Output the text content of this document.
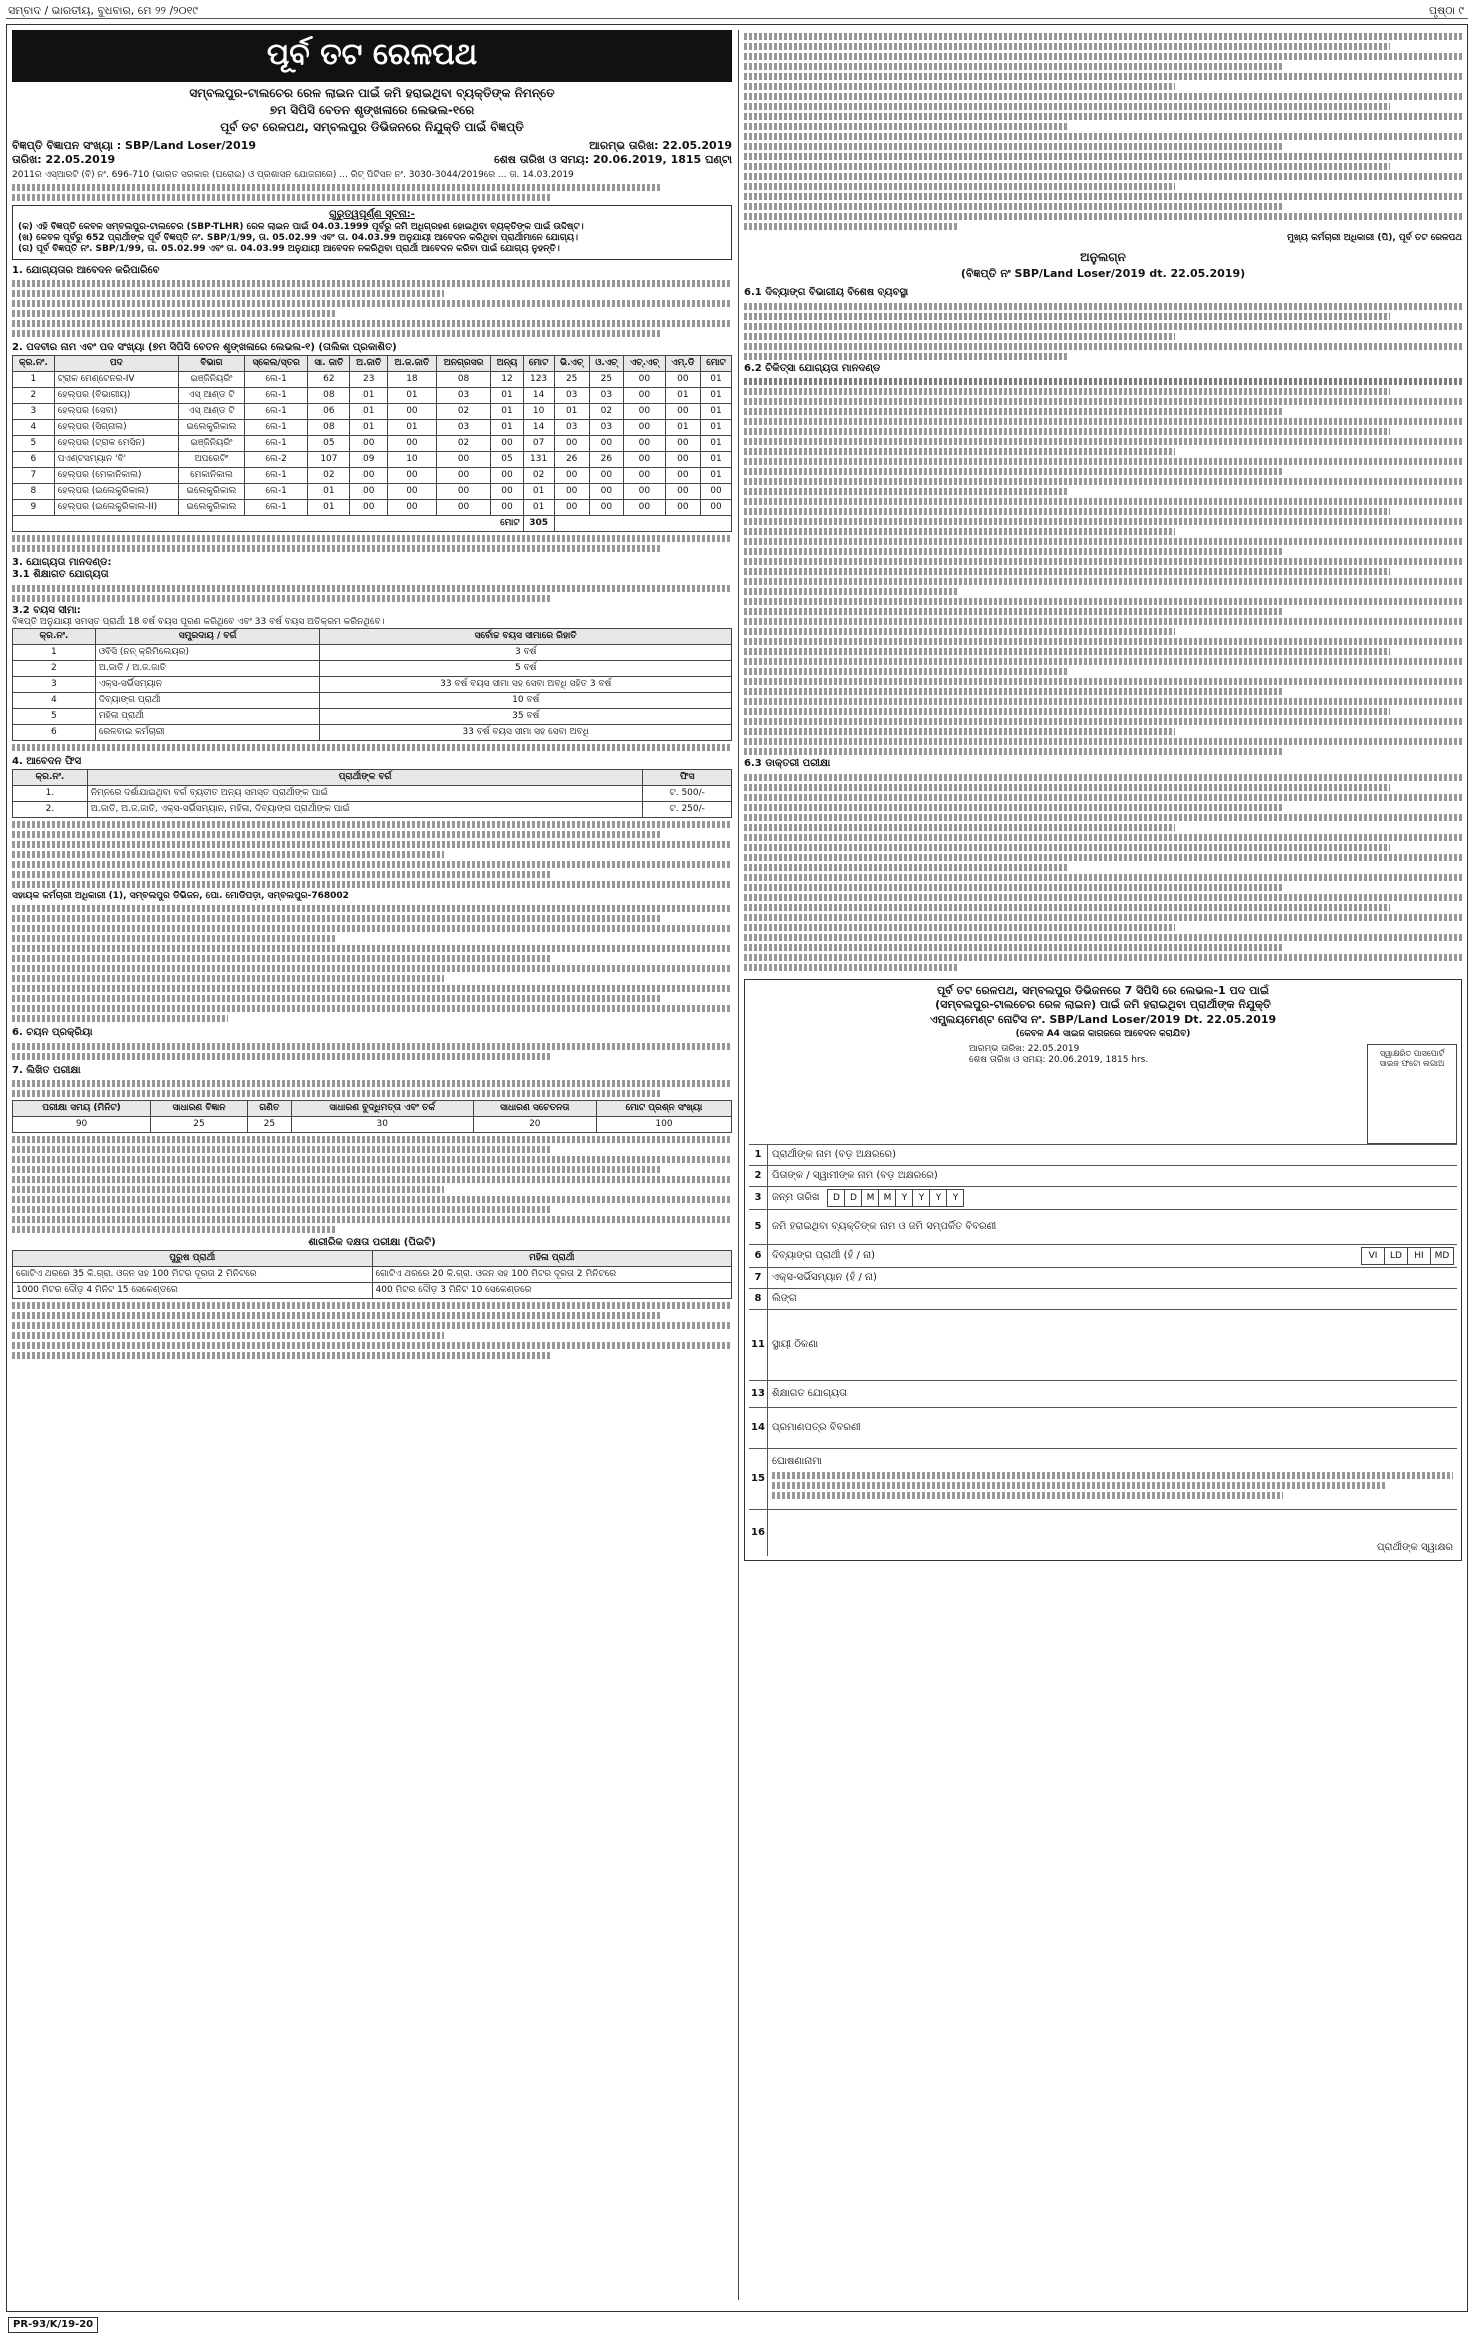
ସମ୍ବାଦ / ଭାରତୀୟ, ବୁଧବାର, ମେ ୨୨ /୨୦୧୯	ପୃଷ୍ଠା ୯
ପୂର୍ବ ତଟ ରେଳପଥ
ସମ୍ବଲପୁର-ଟାଲଚେର ରେଳ ଲାଇନ ପାଇଁ ଜମି ହରାଇଥିବା ବ୍ୟକ୍ତିଙ୍କ ନିମନ୍ତେ
୭ମ ସିପିସି ବେତନ ଶୃଙ୍ଖଳାରେ ଲେଭଲ-୧ରେ
ପୂର୍ବ ତଟ ରେଳପଥ, ସମ୍ବଲପୁର ଡିଭିଜନରେ ନିଯୁକ୍ତି ପାଇଁ ବିଜ୍ଞପ୍ତି
ବିଜ୍ଞପ୍ତି ବିଜ୍ଞାପନ ସଂଖ୍ୟା : SBP/Land Loser/2019
ତାରିଖ: 22.05.2019
ଆରମ୍ଭ ତାରିଖ: 22.05.2019
ଶେଷ ତାରିଖ ଓ ସମୟ: 20.06.2019, 1815 ଘଣ୍ଟା
2011ର ଏସ୍‌ଆରଟି (ବି) ନଂ. 696-710 (ଭାରତ ସରକାର (ଘରୋଇ) ଓ ପ୍ରଶାସନ ଯୋଜନାରେ) ... ରିଟ୍ ପିଟିସନ ନଂ. 3030-3044/2019ରେ ... ତା. 14.03.2019
ଗୁରୁତ୍ୱପୂର୍ଣ୍ଣ ସୂଚନା:-
(କ) ଏହି ବିଜ୍ଞପ୍ତି କେବଳ ସମ୍ବଲପୁର-ଟାଲଚେର (SBP-TLHR) ରେଳ ଲାଇନ ପାଇଁ 04.03.1999 ପୂର୍ବରୁ ଜମି ଅଧିଗ୍ରହଣ ହୋଇଥିବା ବ୍ୟକ୍ତିଙ୍କ ପାଇଁ ଉଦ୍ଦିଷ୍ଟ।
(ଖ) କେବଳ ପୂର୍ବରୁ 652 ପ୍ରାର୍ଥୀଙ୍କ ପୂର୍ବ ବିଜ୍ଞପ୍ତି ନଂ. SBP/1/99, ତା. 05.02.99 ଏବଂ ତା. 04.03.99 ଅନୁଯାୟୀ ଆବେଦନ କରିଥିବା ପ୍ରାର୍ଥୀମାନେ ଯୋଗ୍ୟ।
(ଗ) ପୂର୍ବ ବିଜ୍ଞପ୍ତି ନଂ. SBP/1/99, ତା. 05.02.99 ଏବଂ ତା. 04.03.99 ଅନୁଯାୟୀ ଆବେଦନ ନକରିଥିବା ପ୍ରାର୍ଥୀ ଆବେଦନ କରିବା ପାଇଁ ଯୋଗ୍ୟ ନୁହନ୍ତି।
1. ଯୋଗ୍ୟତାର ଆବେଦନ କରିପାରିବେ
2. ପଦବୀର ନାମ ଏବଂ ପଦ ସଂଖ୍ୟା (୭ମ ସିପିସି ବେତନ ଶୃଙ୍ଖଳାରେ ଲେଭଲ-୧) (ତାଲିକା ପ୍ରକାଶିତ)
କ୍ର.ନଂ.	ପଦ	ବିଭାଗ	ସ୍କେଲ/ସ୍ତର	ସା. ଜାତି	ଅ.ଜାତି	ଅ.ଜ.ଜାତି	ଅନଗ୍ରସର	ଅନ୍ୟ	ମୋଟ	ଭି.ଏଚ୍	ଓ.ଏଚ୍	ଏଚ୍.ଏଚ୍	ଏମ୍.ଡି	ମୋଟ
1	ଟ୍ରାକ ମେଣ୍ଟେନର-IV	ଇଞ୍ଜିନିୟରିଂ	ଲେ-1	62	23	18	08	12	123	25	25	00	00	01
2	ହେଲ୍ପର (ବିଭାଗୀୟ)	ଏସ୍ ଆଣ୍ଡ ଟି	ଲେ-1	08	01	01	03	01	14	03	03	00	01	01
3	ହେଲ୍ପର (ସେବା)	ଏସ୍ ଆଣ୍ଡ ଟି	ଲେ-1	06	01	00	02	01	10	01	02	00	00	01
4	ହେଲ୍ପର (ସିଗ୍ନାଲ)	ଇଲେକ୍ଟ୍ରିକାଲ	ଲେ-1	08	01	01	03	01	14	03	03	00	01	01
5	ହେଲ୍ପର (ଟ୍ରାକ ମେସିନ)	ଇଞ୍ଜିନିୟରିଂ	ଲେ-1	05	00	00	02	00	07	00	00	00	00	01
6	ପଏଣ୍ଟସମ୍ୟାନ 'ବି'	ଅପରେଟିଂ	ଲେ-2	107	09	10	00	05	131	26	26	00	00	01
7	ହେଲ୍ପର (ମେକାନିକାଲ)	ମେକାନିକାଲ	ଲେ-1	02	00	00	00	00	02	00	00	00	00	01
8	ହେଲ୍ପର (ଇଲେକ୍ଟ୍ରିକାଲ)	ଇଲେକ୍ଟ୍ରିକାଲ	ଲେ-1	01	00	00	00	00	01	00	00	00	00	00
9	ହେଲ୍ପର (ଇଲେକ୍ଟ୍ରିକାଲ-II)	ଇଲେକ୍ଟ୍ରିକାଲ	ଲେ-1	01	00	00	00	00	01	00	00	00	00	00
ମୋଟ									305					
3. ଯୋଗ୍ୟତା ମାନଦଣ୍ଡ:
3.1 ଶିକ୍ଷାଗତ ଯୋଗ୍ୟତା
3.2 ବୟସ ସୀମା:
ବିଜ୍ଞପ୍ତି ଅନୁଯାୟୀ ସମସ୍ତ ପ୍ରାର୍ଥୀ 18 ବର୍ଷ ବୟସ ପୂରଣ କରିଥିବେ ଏବଂ 33 ବର୍ଷ ବୟସ ଅତିକ୍ରମ କରିନଥିବେ।
କ୍ର.ନଂ.	ସମ୍ପ୍ରଦାୟ / ବର୍ଗ	ସର୍ବୋଚ୍ଚ ବୟସ ସୀମାରେ ରିହାତି
1	ଓବିସି (ନନ୍ କ୍ରିମିଲେୟର)	3 ବର୍ଷ
2	ଅ.ଜାତି / ଅ.ଜ.ଜାତି	5 ବର୍ଷ
3	ଏକ୍ସ-ସର୍ଭିସମ୍ୟାନ	33 ବର୍ଷ ବୟସ ସୀମା ସହ ସେବା ଅବଧି ସହିତ 3 ବର୍ଷ
4	ଦିବ୍ୟାଙ୍ଗ ପ୍ରାର୍ଥୀ	10 ବର୍ଷ
5	ମହିଳା ପ୍ରାର୍ଥୀ	35 ବର୍ଷ
6	ରେଳବାଇ କର୍ମଚାରୀ	33 ବର୍ଷ ବୟସ ସୀମା ସହ ସେବା ଅବଧି
4. ଆବେଦନ ଫିସ
କ୍ର.ନଂ.	ପ୍ରାର୍ଥୀଙ୍କ ବର୍ଗ	ଫିସ
1.	ନିମ୍ନରେ ଦର୍ଶାଯାଇଥିବା ବର୍ଗ ବ୍ୟତୀତ ଅନ୍ୟ ସମସ୍ତ ପ୍ରାର୍ଥୀଙ୍କ ପାଇଁ	ଟ. 500/-
2.	ଅ.ଜାତି, ଅ.ଜ.ଜାତି, ଏକ୍ସ-ସର୍ଭିସମ୍ୟାନ, ମହିଳା, ଦିବ୍ୟାଙ୍ଗ ପ୍ରାର୍ଥୀଙ୍କ ପାଇଁ	ଟ. 250/-
ସହାୟକ କର୍ମଚାରୀ ଅଧିକାରୀ (1), ସମ୍ବଲପୁର ଡିଭିଜନ, ପୋ. ମୋଡିପଡ଼ା, ସମ୍ବଲପୁର-768002
6. ଚୟନ ପ୍ରକ୍ରିୟା
7. ଲିଖିତ ପରୀକ୍ଷା
ପରୀକ୍ଷା ସମୟ (ମିନିଟ)	ସାଧାରଣ ବିଜ୍ଞାନ	ଗଣିତ	ସାଧାରଣ ବୁଦ୍ଧିମତ୍ତା ଏବଂ ତର୍କ	ସାଧାରଣ ସଚେତନତା	ମୋଟ ପ୍ରଶ୍ନ ସଂଖ୍ୟା
90	25	25	30	20	100
ଶାରୀରିକ ଦକ୍ଷତା ପରୀକ୍ଷା (ପିଇଟି)
ପୁରୁଷ ପ୍ରାର୍ଥୀ	ମହିଳା ପ୍ରାର୍ଥୀ
ଗୋଟିଏ ଥରରେ 35 କି.ଗ୍ରା. ଓଜନ ସହ 100 ମିଟର ଦୂରତା 2 ମିନିଟରେ	ଗୋଟିଏ ଥରରେ 20 କି.ଗ୍ରା. ଓଜନ ସହ 100 ମିଟର ଦୂରତା 2 ମିନିଟରେ
1000 ମିଟର ଦୌଡ଼ 4 ମିନିଟ 15 ସେକେଣ୍ଡରେ	400 ମିଟର ଦୌଡ଼ 3 ମିନିଟ 10 ସେକେଣ୍ଡରେ
ମୁଖ୍ୟ କର୍ମଚାରୀ ଅଧିକାରୀ (ପି), ପୂର୍ବ ତଟ ରେଳପଥ
ଅନୁଲଗ୍ନ
(ବିଜ୍ଞପ୍ତି ନଂ SBP/Land Loser/2019 dt. 22.05.2019)
6.1 ଦିବ୍ୟାଙ୍ଗ ବିଭାଗୀୟ ବିଶେଷ ବ୍ୟବସ୍ଥା
6.2 ଚିକିତ୍ସା ଯୋଗ୍ୟତା ମାନଦଣ୍ଡ
6.3 ଡାକ୍ତରୀ ପରୀକ୍ଷା
ପୂର୍ବ ତଟ ରେଳପଥ, ସମ୍ବଲପୁର ଡିଭିଜନରେ 7 ସିପିସି ରେ ଲେଭଲ-1 ପଦ ପାଇଁ
(ସମ୍ବଲପୁର-ଟାଲଚେର ରେଳ ଲାଇନ) ପାଇଁ ଜମି ହରାଇଥିବା ପ୍ରାର୍ଥୀଙ୍କ ନିଯୁକ୍ତି
ଏମ୍ପ୍ଲୟମେଣ୍ଟ ନୋଟିସ ନଂ. SBP/Land Loser/2019 Dt. 22.05.2019
(କେବଳ A4 ସାଇଜ କାଗଜରେ ଆବେଦନ କରାଯିବ)
ଆରମ୍ଭ ତାରିଖ: 22.05.2019
ଶେଷ ତାରିଖ ଓ ସମୟ: 20.06.2019, 1815 hrs.
ସ୍ୱାକ୍ଷରିତ ପାସପୋର୍ଟ ସାଇଜ ଫଟୋ ଲଗାଅ
1	ପ୍ରାର୍ଥୀଙ୍କ ନାମ (ବଡ଼ ଅକ୍ଷରରେ)
2	ପିତାଙ୍କ / ସ୍ୱାମୀଙ୍କ ନାମ (ବଡ଼ ଅକ୍ଷରରେ)
3	ଜନ୍ମ ତାରିଖ	D	D	M	M	Y	Y	Y	Y
5	ଜମି ହରାଇଥିବା ବ୍ୟକ୍ତିଙ୍କ ନାମ ଓ ଜମି ସମ୍ପର୍କିତ ବିବରଣୀ
6	ଦିବ୍ୟାଙ୍ଗ ପ୍ରାର୍ଥୀ (ହଁ / ନା)	VI	LD	HI	MD
7	ଏକ୍ସ-ସର୍ଭିସମ୍ୟାନ (ହଁ / ନା)
8	ଲିଙ୍ଗ
11 ସ୍ଥାୟୀ ଠିକଣା
13 ଶିକ୍ଷାଗତ ଯୋଗ୍ୟତା
14 ପ୍ରମାଣପତ୍ର ବିବରଣୀ
15
ଘୋଷଣାନାମା
16
ପ୍ରାର୍ଥୀଙ୍କ ସ୍ୱାକ୍ଷର
PR-93/K/19-20
